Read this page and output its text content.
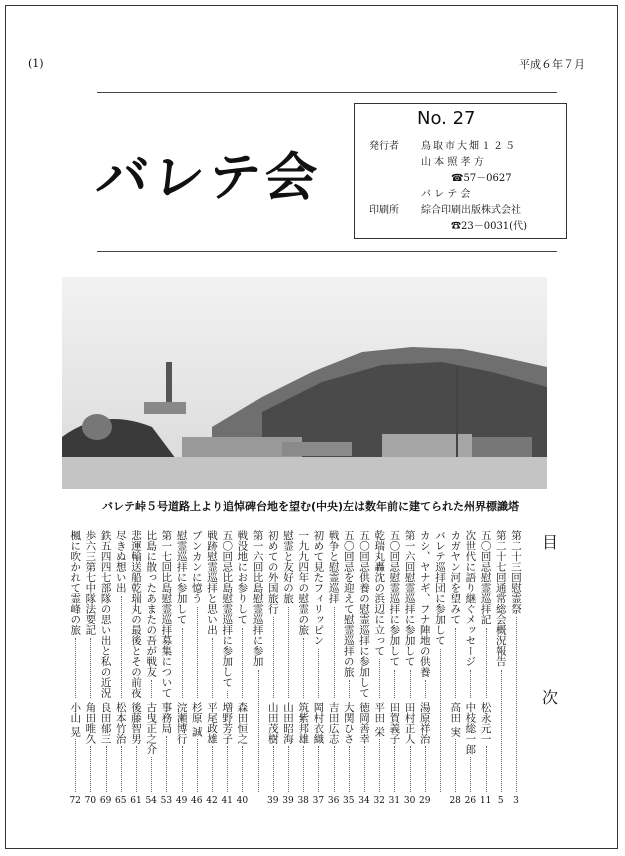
(1)	平成６年７月
バレテ会
No. 27
発行者 鳥取市大畑１２５
山 本 照 孝 方
☎57－0627
バ レ テ 会
印刷所 綜合印刷出版株式会社
☎23－0031(代)
バレテ峠５号道路上より追悼碑台地を望む(中央)左は数年前に建てられた州界標識塔
目
次
第二十三回慰霊祭
3
第二十七回通常総会概況報告
5
五〇回忌慰霊巡拝記
松永元一
11
次世代に語り継ぐメッセージ
中枝総一郎
26
カガヤン河を望みて
高田 実
28
バレテ巡拝団に参加して
カシ、ヤナギ、フナ陣地の供養
湯原祥治
29
第一六回慰霊巡拝に参加して
田村正人
30
五〇回忌慰霊巡拝に参加して
田賀義子
31
乾瑞丸轟沈の浜辺に立って
平田 栄
32
五〇回忌供養の慰霊巡拝に参加して
徳岡善幸
34
五〇回忌を迎えて慰霊巡拝の旅
大関ひさ
35
戦争と慰霊巡拝
吉田広志
36
初めて見たフィリッピン
岡村衣織
37
一九九四年の慰霊の旅
筑紫邦雄
38
慰霊と友好の旅
山田昭海
39
初めての外国旅行
山田茂樹
39
第一六回比島慰霊巡拝に参加
戦没地にお参りして
森田恒之
40
五〇回忌比島慰霊巡拝に参加して
増野芳子
41
戦跡慰霊巡拝と思い出
平尾政雄
42
ブンカンに憶う
杉原 誠
46
慰霊巡拝に参加して
浣瀬博行
49
第一七回比島慰霊巡拝募集について
事務局
53
比島に散ったあまたの吾が戦友
古曳正之介
54
悲運輸送船乾瑞丸の最後とその前夜
後藤智男
61
尽きぬ想い出
松本竹治
65
鉄五四四七部隊の思い出と私の近況
良田郁三
69
歩六三第七中隊法要記
角田唯久
70
楓に吹かれて霊峰の旅
小山 晃
72
